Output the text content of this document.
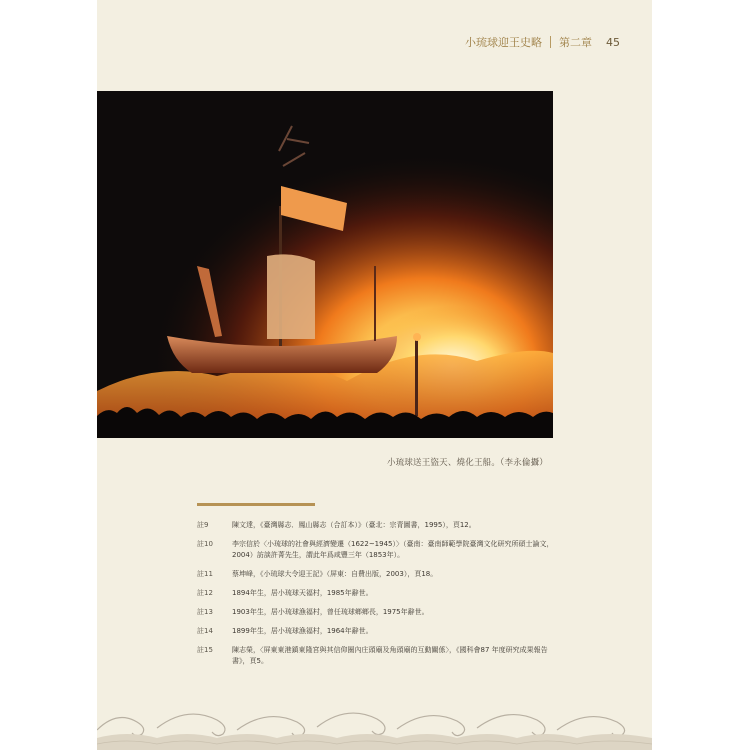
小琉球迎王史略 第二章 45
小琉球送王盜天、燒化王船。（李永倫攝）
註9	陳文達，《臺灣縣志．鳳山縣志（合訂本）》（臺北：宗青圖書，1995），頁12。
註10	李宗信於〈小琉球的社會與經濟變遷（1622~1945）〉（臺南：臺南師範學院臺灣文化研究所碩士論文，2004）訪談許菁先生，謂此年爲咸豐三年（1853年）。
註11	蔡坤峰，《小琉球大令迎王記》（屏東：自費出版，2003），頁18。
註12	1894年生，居小琉球天福村，1985年辭世。
註13	1903年生，居小琉球漁福村，曾任琉球鄉鄉長，1975年辭世。
註14	1899年生，居小琉球漁福村，1964年辭世。
註15	陳志榮，〈屏東東港鎮東隆宮與其信仰圈內庄頭廟及角頭廟的互動關係〉，《國科會87 年度研究成果報告書》，頁5。
